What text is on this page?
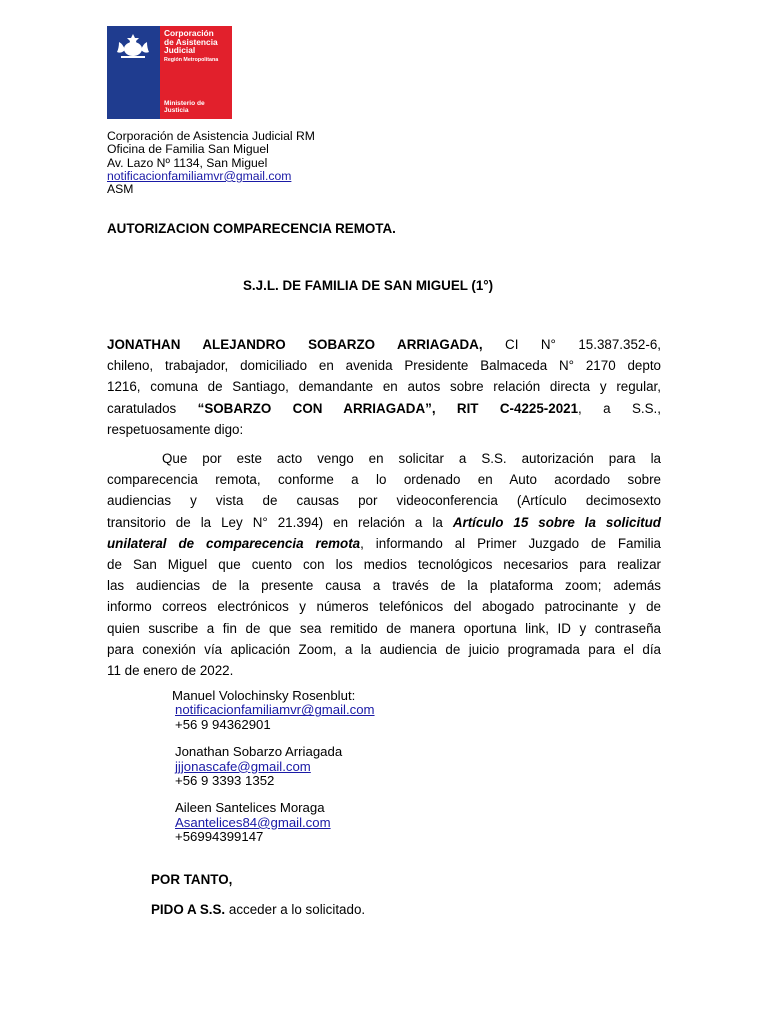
Corporación
de Asistencia
Judicial
Región Metropolitana
Ministerio de
Justicia
Corporación de Asistencia Judicial RM
Oficina de Familia San Miguel
Av. Lazo Nº 1134, San Miguel
notificacionfamiliamvr@gmail.com
ASM
AUTORIZACION COMPARECENCIA REMOTA.
S.J.L. DE FAMILIA DE SAN MIGUEL (1°)
JONATHAN ALEJANDRO SOBARZO ARRIAGADA, CI N° 15.387.352-6,
chileno, trabajador, domiciliado en avenida Presidente Balmaceda N° 2170 depto
1216, comuna de Santiago, demandante en autos sobre relación directa y regular,
caratulados “SOBARZO CON ARRIAGADA”, RIT C-4225-2021, a S.S.,
respetuosamente digo:
Que por este acto vengo en solicitar a S.S. autorización para la
comparecencia remota, conforme a lo ordenado en Auto acordado sobre
audiencias y vista de causas por videoconferencia (Artículo decimosexto
transitorio de la Ley N° 21.394) en relación a la Artículo 15 sobre la solicitud
unilateral de comparecencia remota, informando al Primer Juzgado de Familia
de San Miguel que cuento con los medios tecnológicos necesarios para realizar
las audiencias de la presente causa a través de la plataforma zoom; además
informo correos electrónicos y números telefónicos del abogado patrocinante y de
quien suscribe a fin de que sea remitido de manera oportuna link, ID y contraseña
para conexión vía aplicación Zoom, a la audiencia de juicio programada para el día
11 de enero de 2022.
Manuel Volochinsky Rosenblut:
notificacionfamiliamvr@gmail.com
+56 9 94362901
Jonathan Sobarzo Arriagada
jjjonascafe@gmail.com
+56 9 3393 1352
Aileen Santelices Moraga
Asantelices84@gmail.com
+56994399147
POR TANTO,
PIDO A S.S. acceder a lo solicitado.
